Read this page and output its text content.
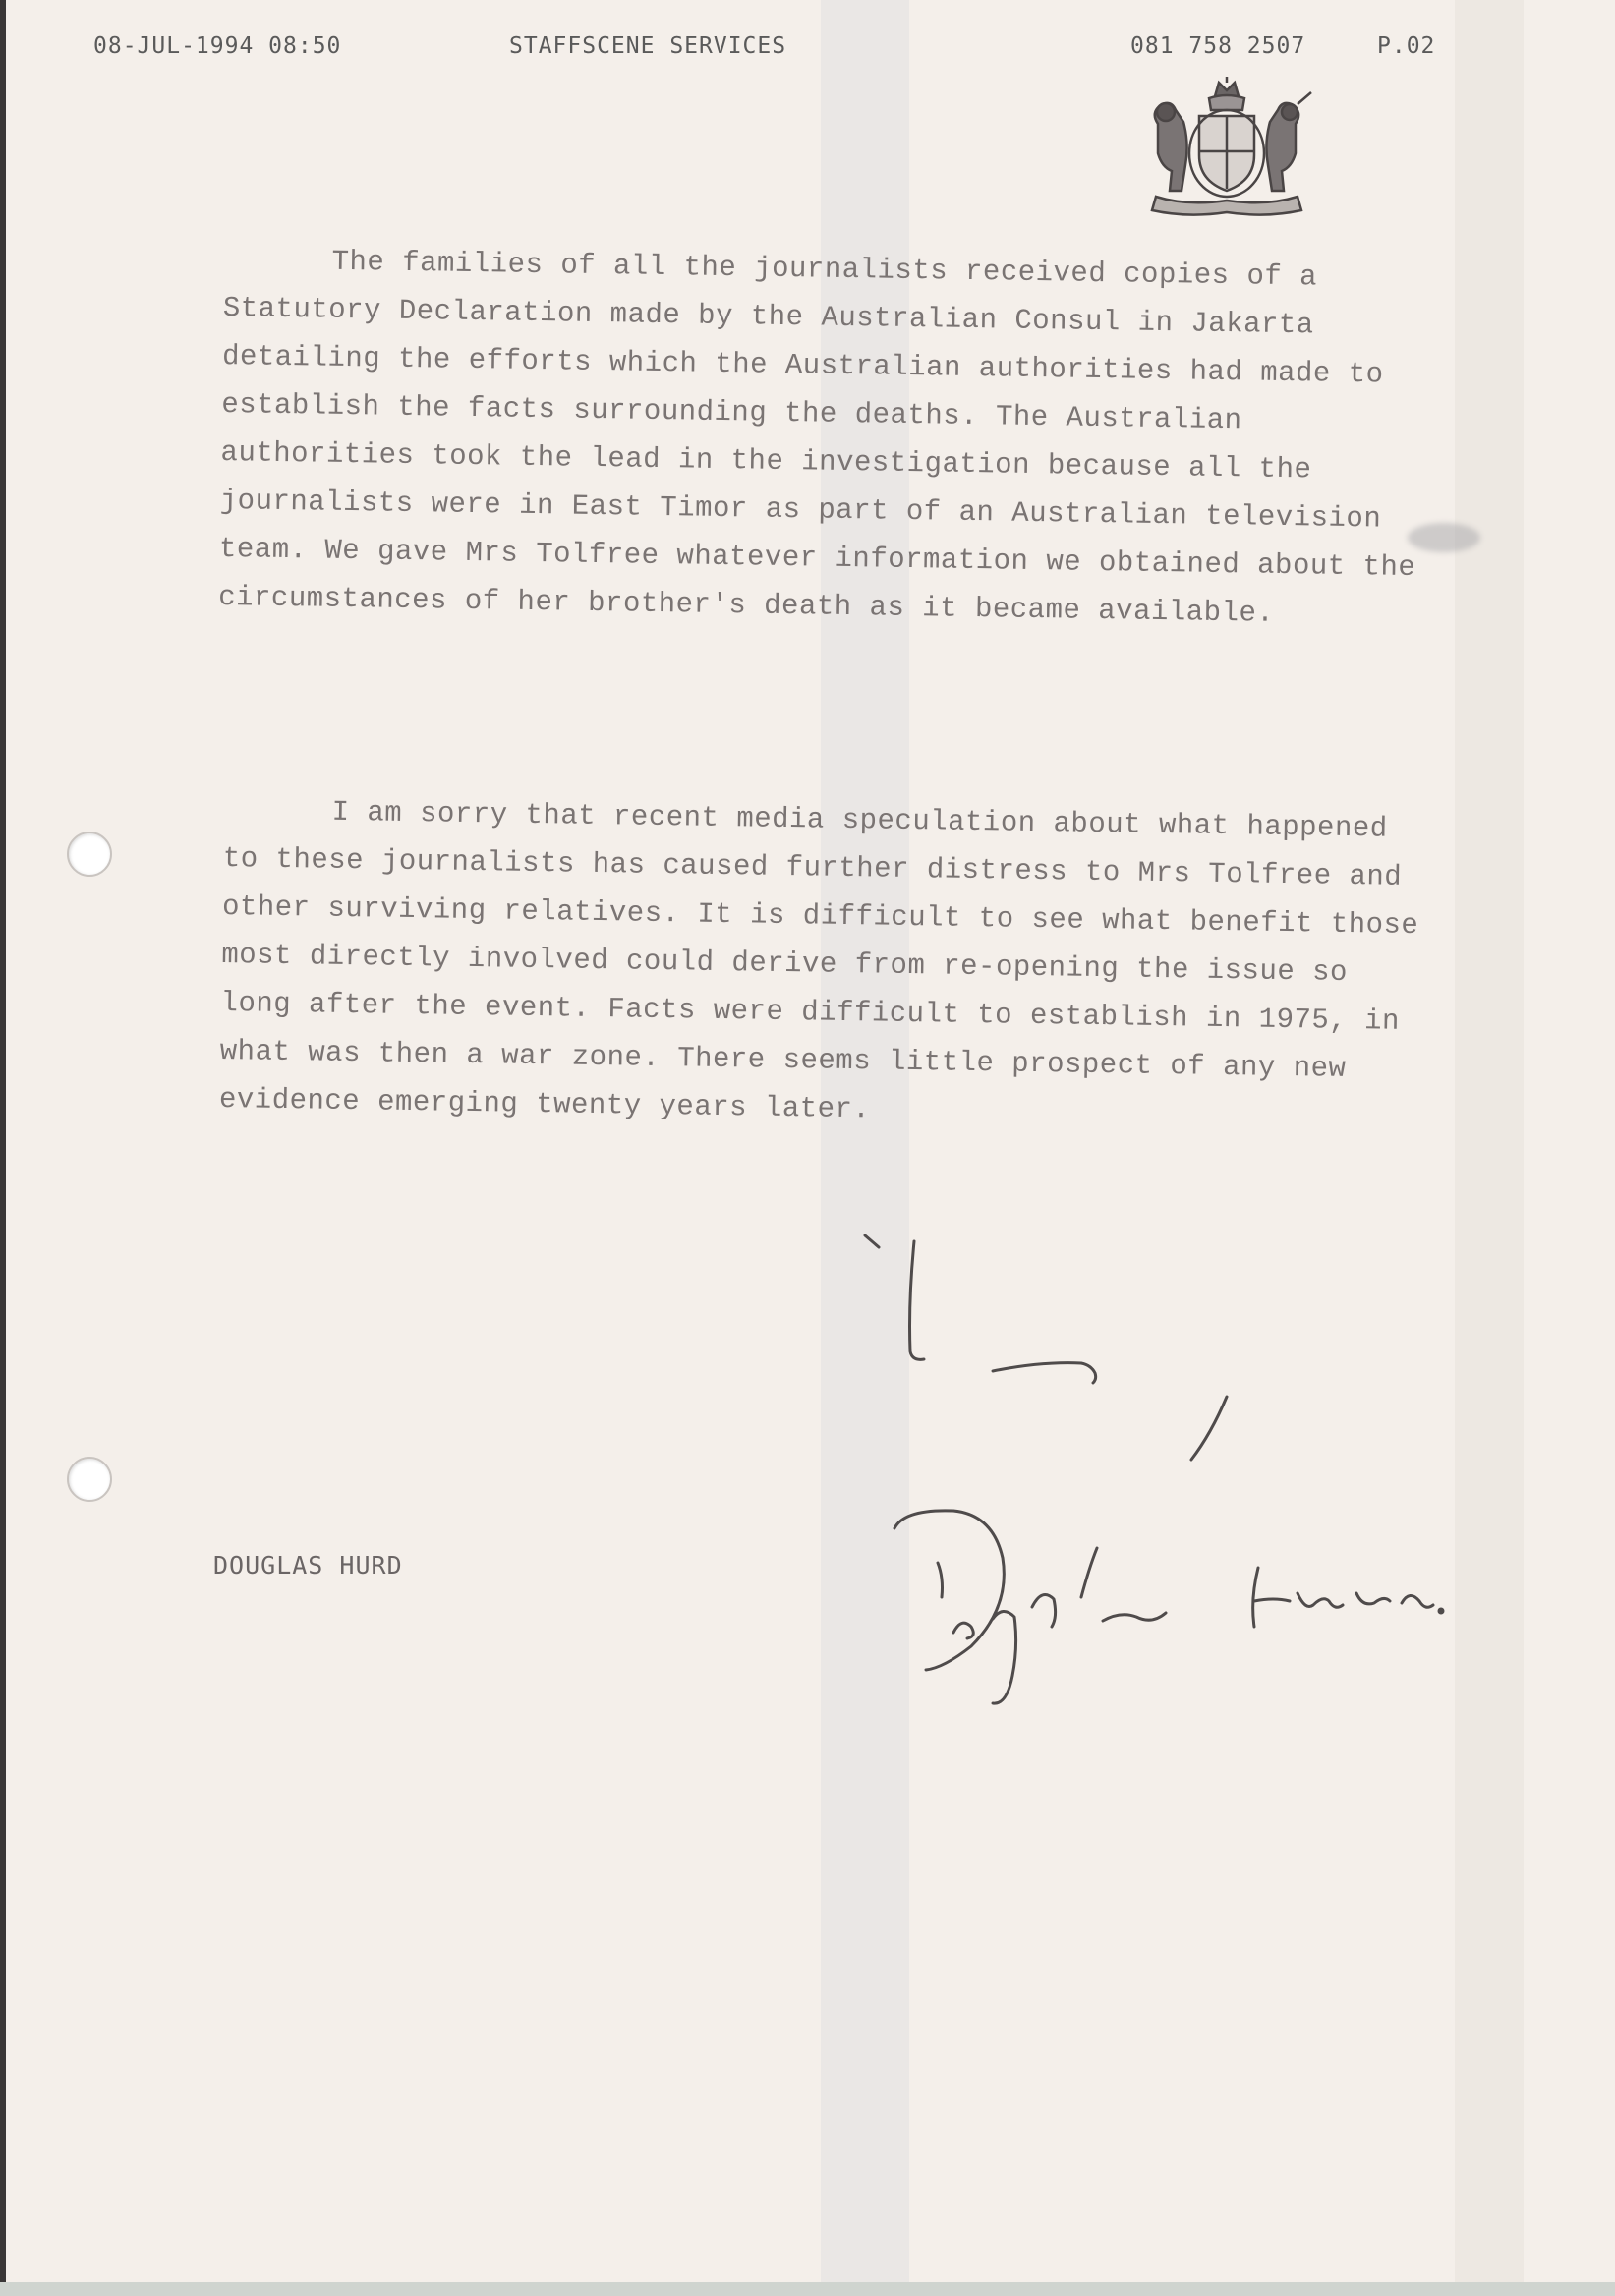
08-JUL-1994 08:50	STAFFSCENE SERVICES	081 758 2507	P.02
The families of all the journalists received copies of a Statutory Declaration made by the Australian Consul in Jakarta detailing the efforts which the Australian authorities had made to establish the facts surrounding the deaths. The Australian authorities took the lead in the investigation because all the journalists were in East Timor as part of an Australian television team. We gave Mrs Tolfree whatever information we obtained about the circumstances of her brother's death as it became available.
I am sorry that recent media speculation about what happened to these journalists has caused further distress to Mrs Tolfree and other surviving relatives. It is difficult to see what benefit those most directly involved could derive from re-opening the issue so long after the event. Facts were difficult to establish in 1975, in what was then a war zone. There seems little prospect of any new evidence emerging twenty years later.
DOUGLAS HURD
